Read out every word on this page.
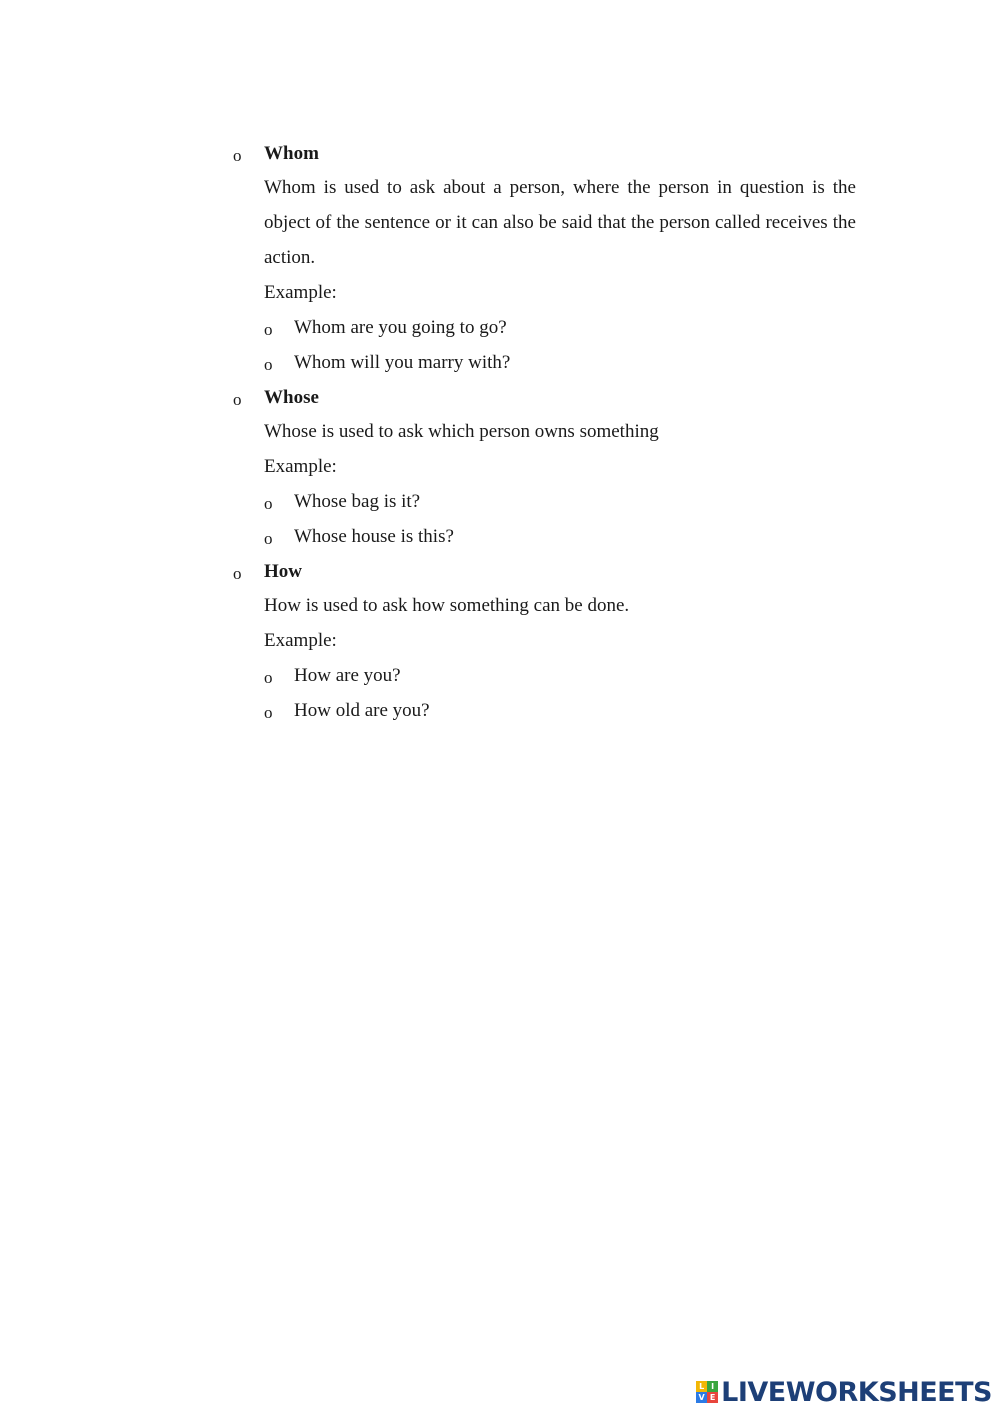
o Whom
Whom is used to ask about a person, where the person in question is the object of the sentence or it can also be said that the person called receives the action.
Example:
o Whom are you going to go?
o Whom will you marry with?
o Whose
Whose is used to ask which person owns something
Example:
o Whose bag is it?
o Whose house is this?
o How
How is used to ask how something can be done.
Example:
o How are you?
o How old are you?
L I
V E LIVEWORKSHEETS
